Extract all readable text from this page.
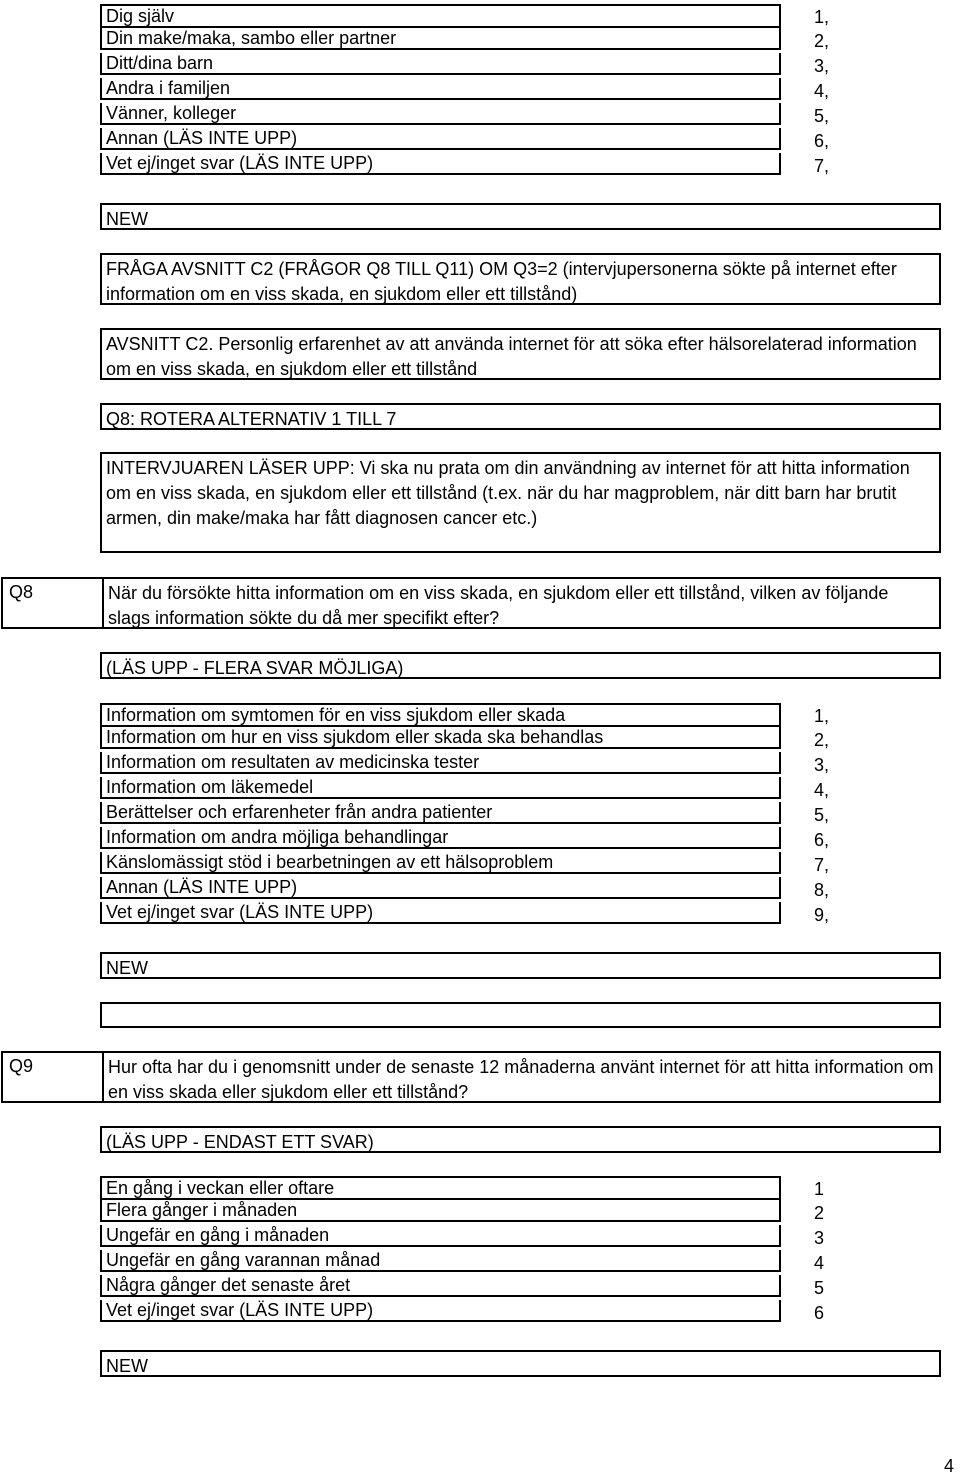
Dig själv	1,
Din make/maka, sambo eller partner	2,
Ditt/dina barn	3,
Andra i familjen	4,
Vänner, kolleger	5,
Annan (LÄS INTE UPP)	6,
Vet ej/inget svar (LÄS INTE UPP)	7,
NEW
FRÅGA AVSNITT C2 (FRÅGOR Q8 TILL Q11) OM Q3=2 (intervjupersonerna sökte på internet efter information om en viss skada, en sjukdom eller ett tillstånd)
AVSNITT C2. Personlig erfarenhet av att använda internet för att söka efter hälsorelaterad information om en viss skada, en sjukdom eller ett tillstånd
Q8: ROTERA ALTERNATIV 1 TILL 7
INTERVJUAREN LÄSER UPP: Vi ska nu prata om din användning av internet för att hitta information om en viss skada, en sjukdom eller ett tillstånd (t.ex. när du har magproblem, när ditt barn har brutit armen, din make/maka har fått diagnosen cancer etc.)
Q8	När du försökte hitta information om en viss skada, en sjukdom eller ett tillstånd, vilken av följande slags information sökte du då mer specifikt efter?
(LÄS UPP - FLERA SVAR MÖJLIGA)
Information om symtomen för en viss sjukdom eller skada	1,
Information om hur en viss sjukdom eller skada ska behandlas	2,
Information om resultaten av medicinska tester	3,
Information om läkemedel	4,
Berättelser och erfarenheter från andra patienter	5,
Information om andra möjliga behandlingar	6,
Känslomässigt stöd i bearbetningen av ett hälsoproblem	7,
Annan (LÄS INTE UPP)	8,
Vet ej/inget svar (LÄS INTE UPP)	9,
NEW
Q9	Hur ofta har du i genomsnitt under de senaste 12 månaderna använt internet för att hitta information om en viss skada eller sjukdom eller ett tillstånd?
(LÄS UPP - ENDAST ETT SVAR)
En gång i veckan eller oftare	1
Flera gånger i månaden	2
Ungefär en gång i månaden	3
Ungefär en gång varannan månad	4
Några gånger det senaste året	5
Vet ej/inget svar (LÄS INTE UPP)	6
NEW
4
